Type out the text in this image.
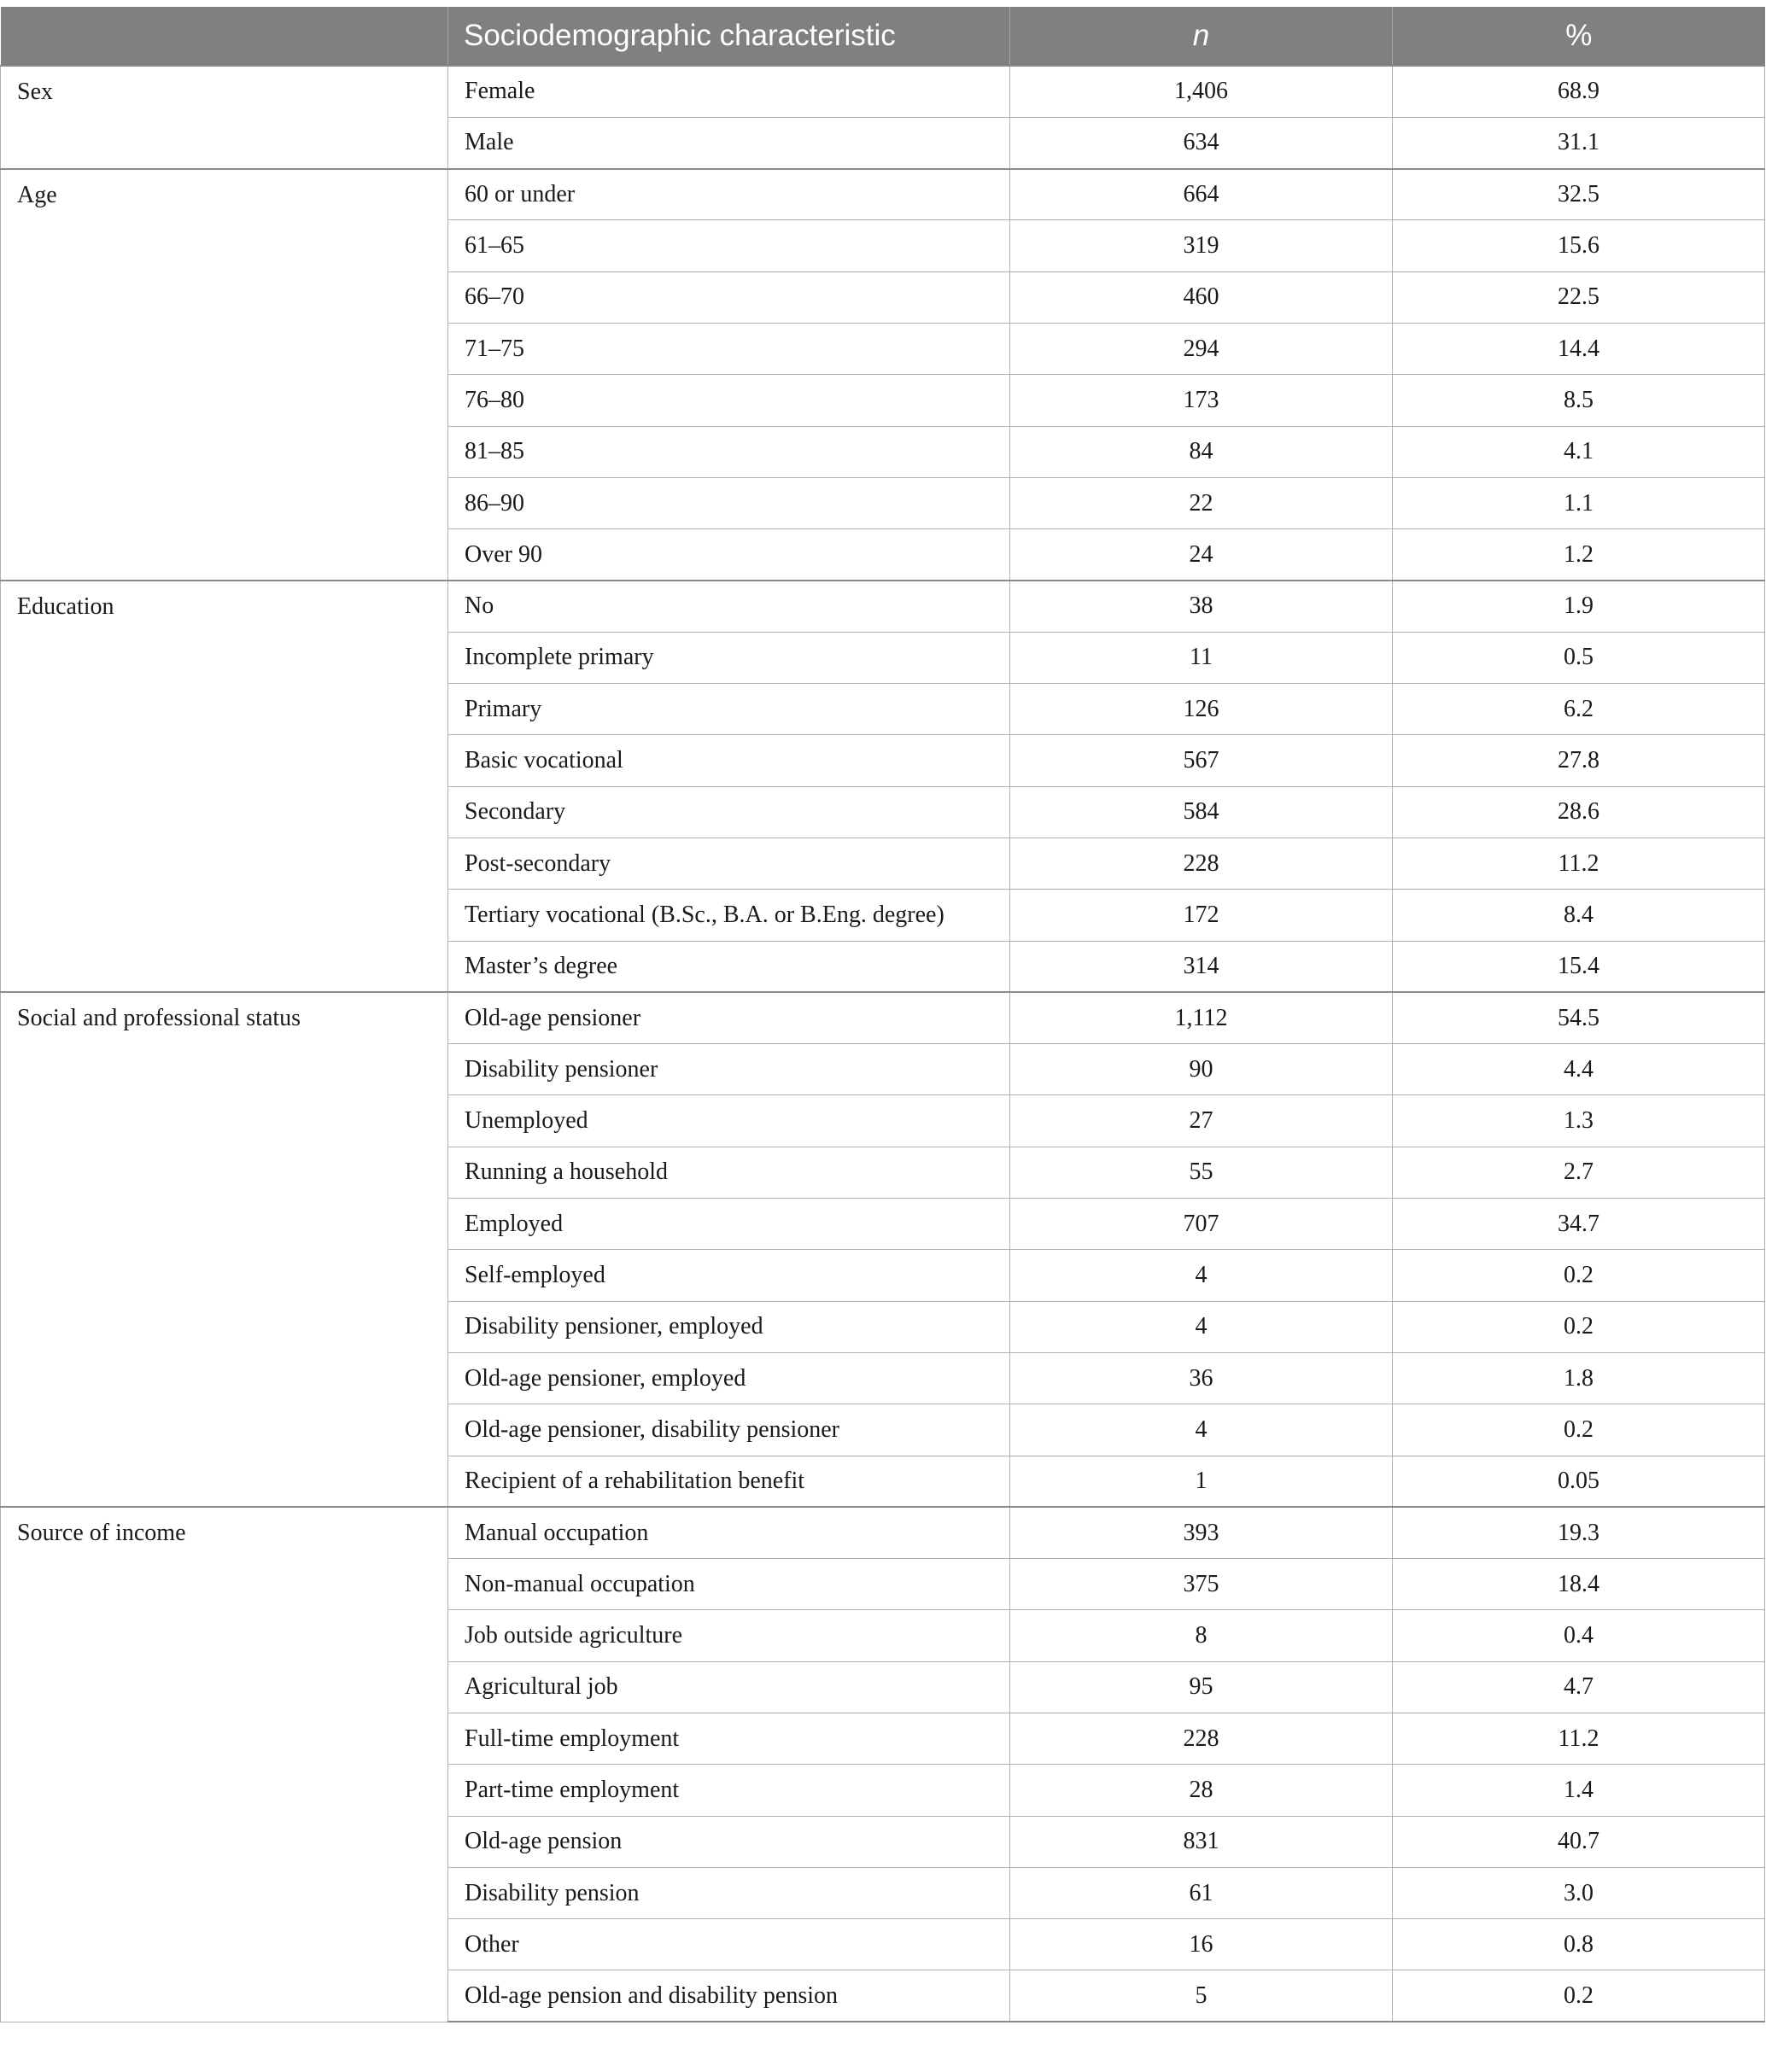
	Sociodemographic characteristic	n	%
Sex	Female	1,406	68.9
	Male	634	31.1
Age	60 or under	664	32.5
	61–65	319	15.6
	66–70	460	22.5
	71–75	294	14.4
	76–80	173	8.5
	81–85	84	4.1
	86–90	22	1.1
	Over 90	24	1.2
Education	No	38	1.9
	Incomplete primary	11	0.5
	Primary	126	6.2
	Basic vocational	567	27.8
	Secondary	584	28.6
	Post-secondary	228	11.2
	Tertiary vocational (B.Sc., B.A. or B.Eng. degree)	172	8.4
	Master’s degree	314	15.4
Social and professional status	Old-age pensioner	1,112	54.5
	Disability pensioner	90	4.4
	Unemployed	27	1.3
	Running a household	55	2.7
	Employed	707	34.7
	Self-employed	4	0.2
	Disability pensioner, employed	4	0.2
	Old-age pensioner, employed	36	1.8
	Old-age pensioner, disability pensioner	4	0.2
	Recipient of a rehabilitation benefit	1	0.05
Source of income	Manual occupation	393	19.3
	Non-manual occupation	375	18.4
	Job outside agriculture	8	0.4
	Agricultural job	95	4.7
	Full-time employment	228	11.2
	Part-time employment	28	1.4
	Old-age pension	831	40.7
	Disability pension	61	3.0
	Other	16	0.8
	Old-age pension and disability pension	5	0.2
